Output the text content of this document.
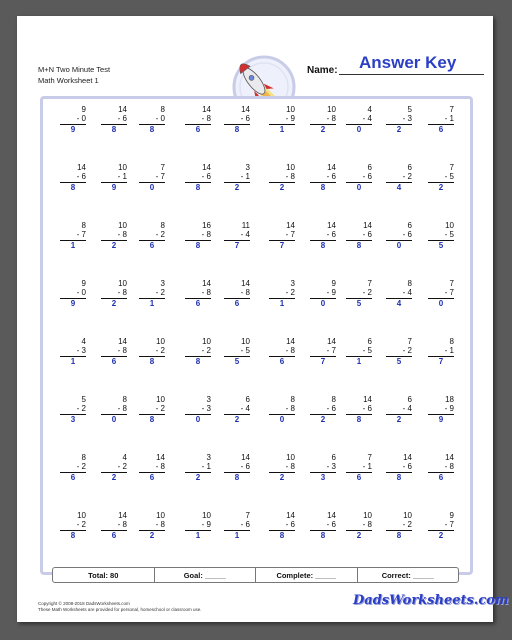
M+N Two Minute Test
Math Worksheet 1
Name: Answer Key
9
- 0
9
14
- 6
8
8
- 0
8
14
- 8
6
14
- 6
8
10
- 9
1
10
- 8
2
4
- 4
0
5
- 3
2
7
- 1
6
14
- 6
8
10
- 1
9
7
- 7
0
14
- 6
8
3
- 1
2
10
- 8
2
14
- 6
8
6
- 6
0
6
- 2
4
7
- 5
2
8
- 7
1
10
- 8
2
8
- 2
6
16
- 8
8
11
- 4
7
14
- 7
7
14
- 6
8
14
- 6
8
6
- 6
0
10
- 5
5
9
- 0
9
10
- 8
2
3
- 2
1
14
- 8
6
14
- 8
6
3
- 2
1
9
- 9
0
7
- 2
5
8
- 4
4
7
- 7
0
4
- 3
1
14
- 8
6
10
- 2
8
10
- 2
8
10
- 5
5
14
- 8
6
14
- 7
7
6
- 5
1
7
- 2
5
8
- 1
7
5
- 2
3
8
- 8
0
10
- 2
8
3
- 3
0
6
- 4
2
8
- 8
0
8
- 6
2
14
- 6
8
6
- 4
2
18
- 9
9
8
- 2
6
4
- 2
2
14
- 8
6
3
- 1
2
14
- 6
8
10
- 8
2
6
- 3
3
7
- 1
6
14
- 6
8
14
- 8
6
10
- 2
8
14
- 8
6
10
- 8
2
10
- 9
1
7
- 6
1
14
- 6
8
14
- 6
8
10
- 8
2
10
- 2
8
9
- 7
2
Total: 80	Goal: _____	Complete: _____	Correct: _____
Copyright © 2008-2018 DadsWorksheets.com
These Math Worksheets are provided for personal, homeschool or classroom use.
DadsWorksheets.com
